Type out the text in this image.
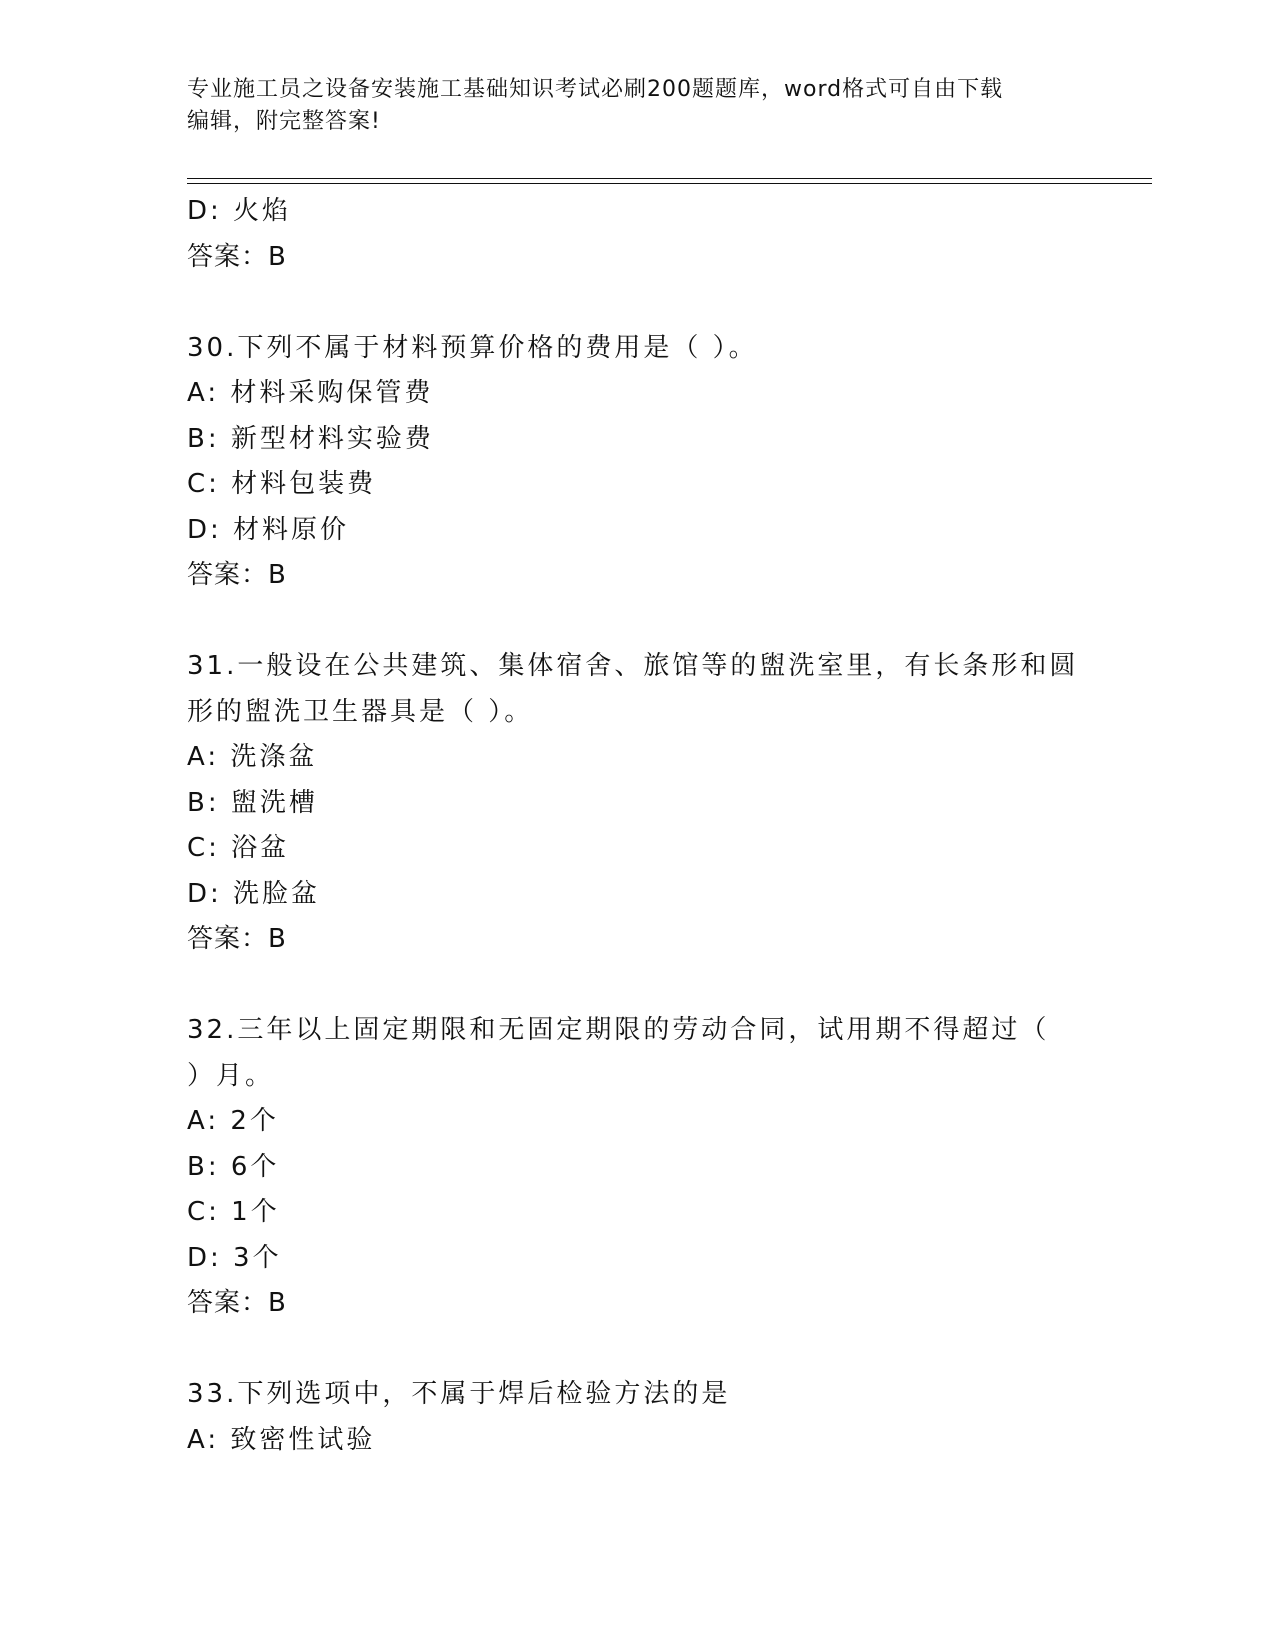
专业施工员之设备安装施工基础知识考试必刷200题题库，word格式可自由下载
编辑，附完整答案!
D: 火焰
答案：B
30.下列不属于材料预算价格的费用是（ ）。
A: 材料采购保管费
B: 新型材料实验费
C: 材料包装费
D: 材料原价
答案：B
31.一般设在公共建筑、集体宿舍、旅馆等的盥洗室里，有长条形和圆
形的盥洗卫生器具是（ ）。
A: 洗涤盆
B: 盥洗槽
C: 浴盆
D: 洗脸盆
答案：B
32.三年以上固定期限和无固定期限的劳动合同，试用期不得超过（
）月。
A: 2个
B: 6个
C: 1个
D: 3个
答案：B
33.下列选项中，不属于焊后检验方法的是
A: 致密性试验
